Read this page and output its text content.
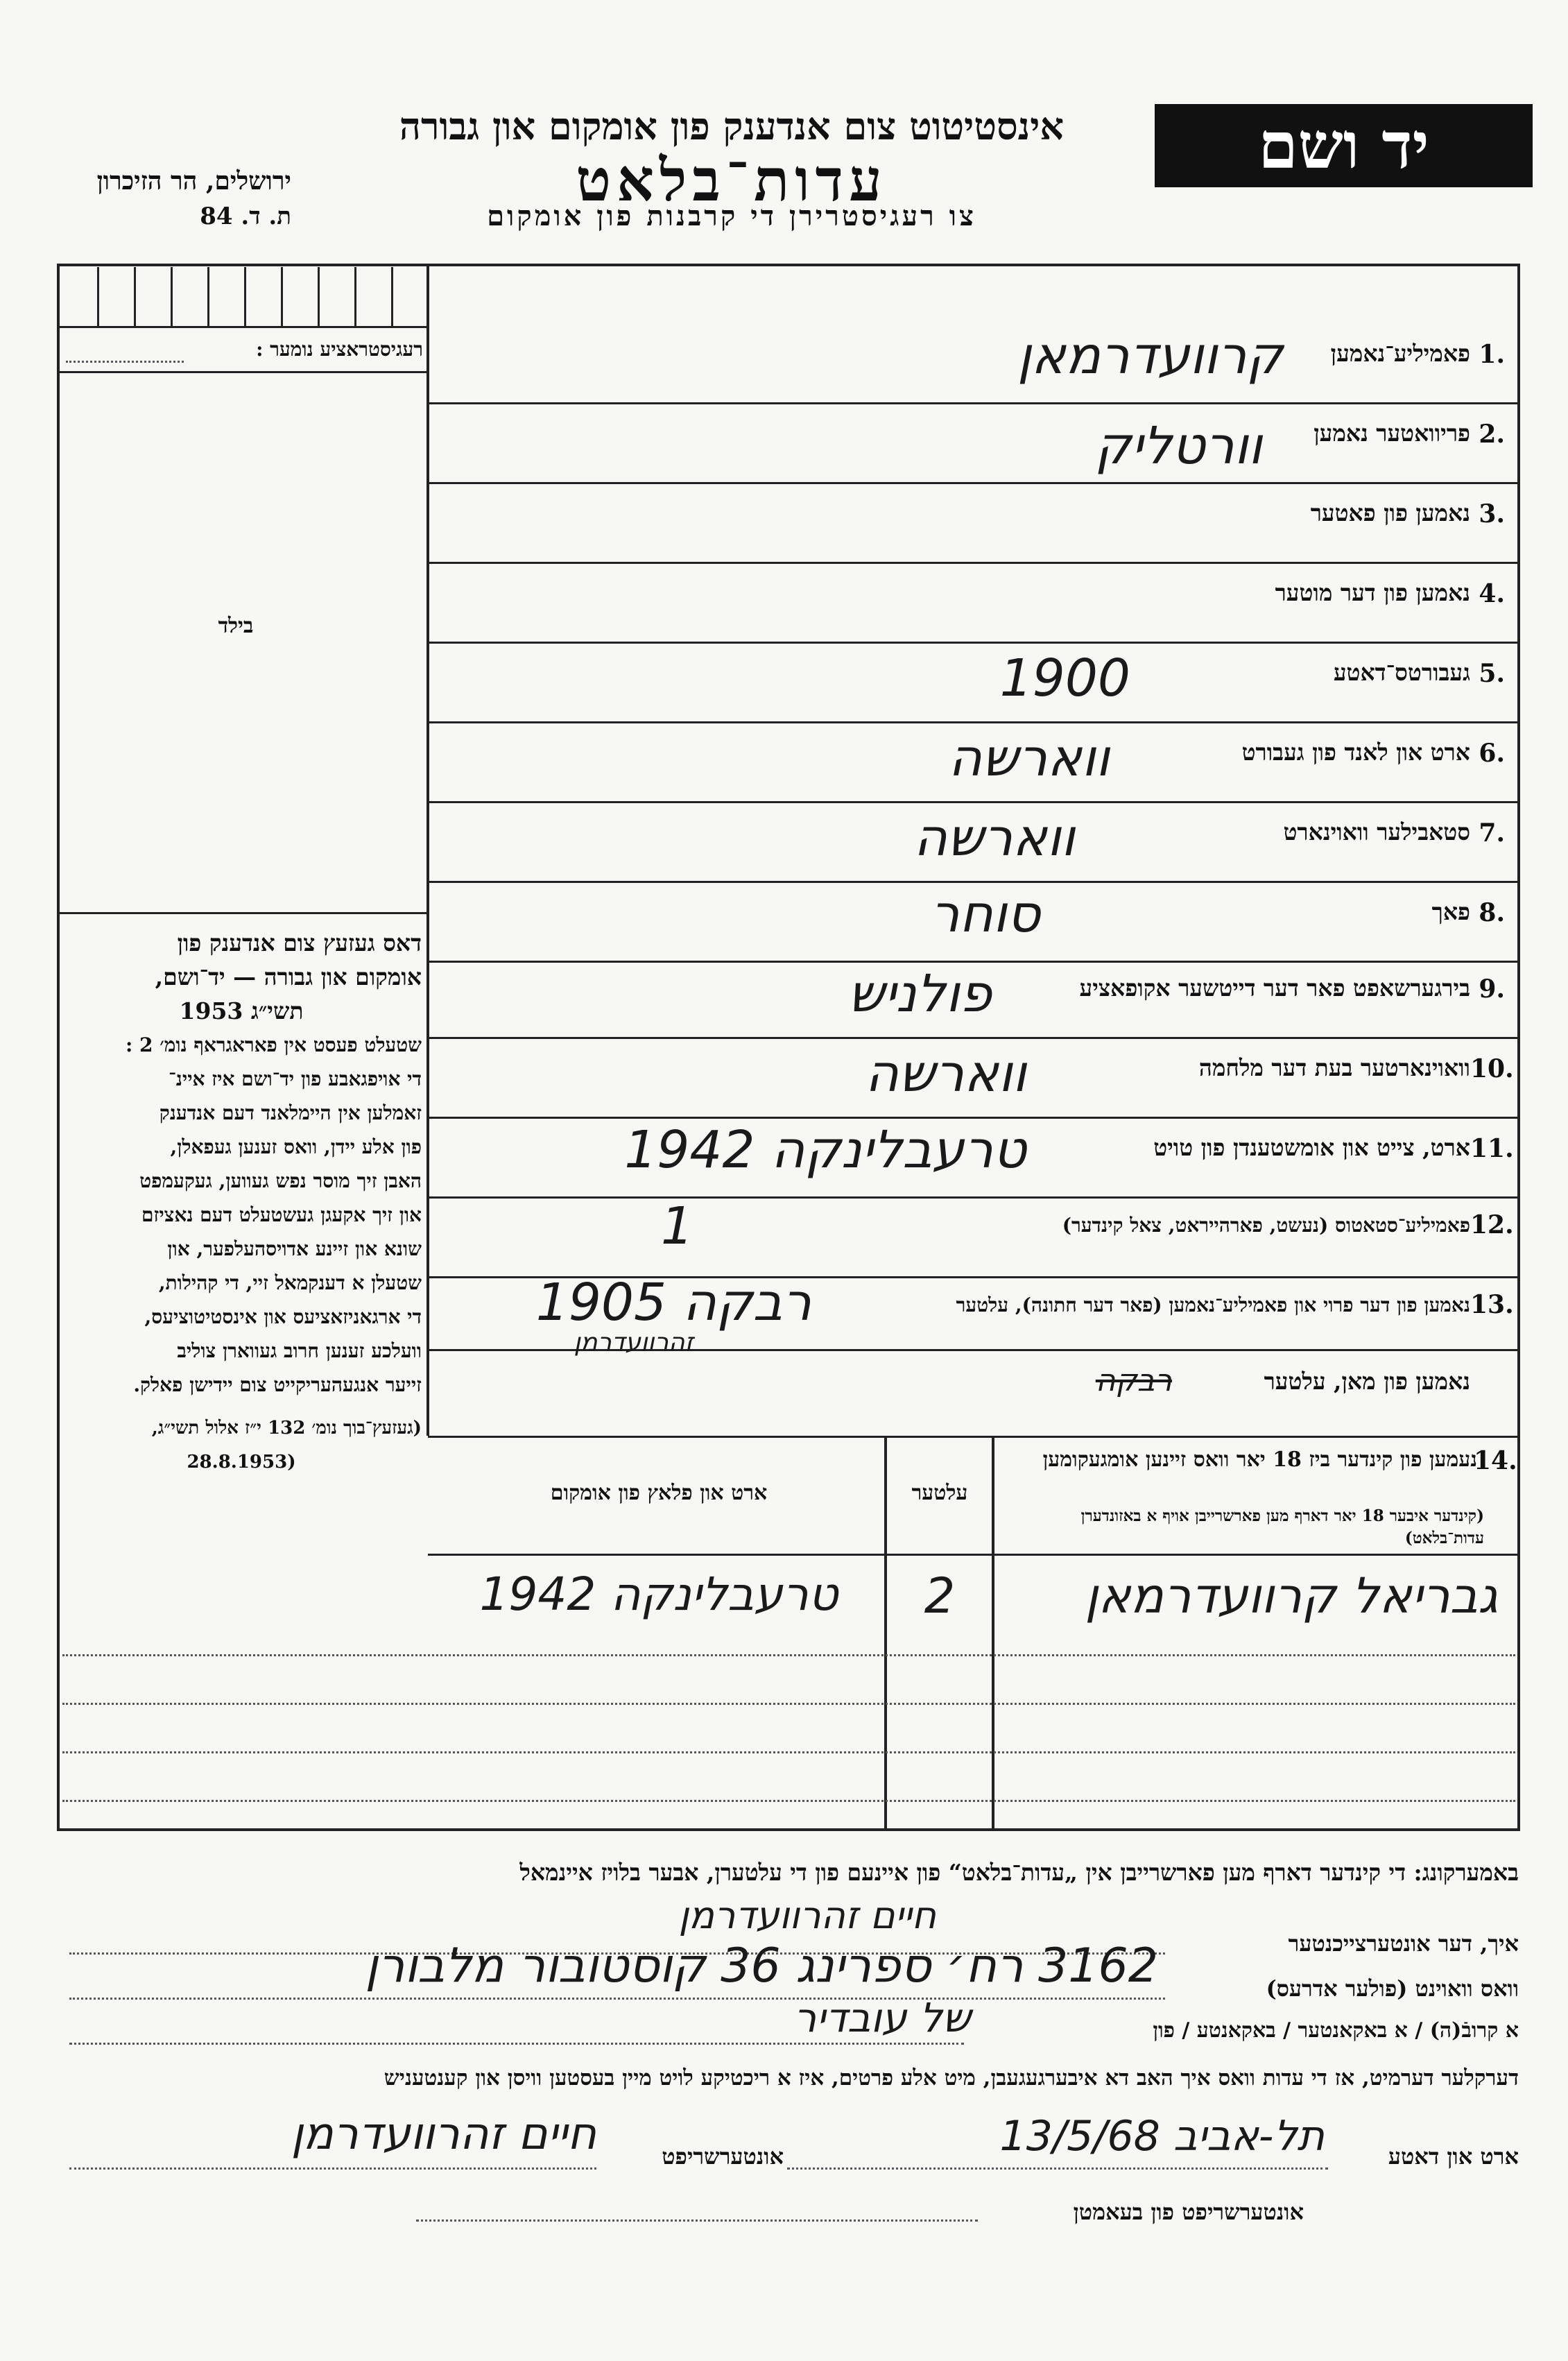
יד ושם
אינסטיטוט צום אנדענק פון אומקום און גבורה
עדות־בלאט
צו רעגיסטרירן די קרבנות פון אומקום
ירושלים, הר הזיכרון
ת. ד. 84
רעגיסטראציע נומער :
בילד
דאס געזעץ צום אנדענק פון
אומקום און גבורה — יד־ושם,
תשי״ג 1953
שטעלט פעסט אין פאראגראף נומ׳ 2 :
די אויפגאבע פון יד־ושם איז איינ־
זאמלען אין היימלאנד דעם אנדענק
פון אלע יידן, וואס זענען געפאלן,
האבן זיך מוסר נפש געווען, געקעמפט
און זיך אקעגן געשטעלט דעם נאציזם
שונא און זיינע אדויסהעלפער, און
שטעלן א דענקמאל זיי, די קהילות,
די ארגאניזאציעס און אינסטיטוציעס,
וועלכע זענען חרוב געווארן צוליב
זייער אנגעהעריקייט צום יידישן פאלק.
(געזעץ־בוך נומ׳ 132 י״ז אלול תשי״ג,
(28.8.1953
1.
פאמיליע־נאמען
קרוועדרמאן
2.
פריוואטער נאמען
וורטליק
3.
נאמען פון פאטער
4.
נאמען פון דער מוטער
5.
געבורטס־דאטע
1900
6.
ארט און לאנד פון געבורט
ווארשה
7.
סטאבילער וואוינארט
ווארשה
8.
פאך
סוחר
9.
בירגערשאפט פאר דער דייטשער אקופאציע
פולניש
10.
וואוינארטער בעת דער מלחמה
ווארשה
11.
ארט, צייט און אומשטענדן פון טויט
טרעבלינקה 1942
12.
פאמיליע־סטאטוס (נעשט, פארהייראט, צאל קינדער)
1
13.
נאמען פון דער פרוי און פאמיליע־נאמען (פאר דער חתונה), עלטער
רבקה 1905
זהרוועדרמן
נאמען פון מאן, עלטער
רבקה
14.
נעמען פון קינדער ביז 18 יאר וואס זיינען אומגעקומען
(קינדער איבער 18 יאר דארף מען פארשרייבן אויף א באזונדערן עדות־בלאט)
עלטער
ארט און פלאץ פון אומקום
גבריאל קרוועדרמאן
2
טרעבלינקה 1942
באמערקונג: די קינדער דארף מען פארשרייבן אין „עדות־בלאט“ פון איינעם פון די עלטערן, אבער בלויז איינמאל
איך, דער אונטערצייכנטער
חיים זהרוועדרמן
וואס וואוינט (פולער אדרעס)
3162 רח׳ ספרינג 36 קוסטובור מלבורן
א קרובֿ(ה) / א באקאנטער / באקאנטע / פון
של עובדיר
דערקלער דערמיט, אז די עדות וואס איך האב דא איבערגעגעבן, מיט אלע פרטים, איז א ריכטיקע לויט מיין בעסטען וויסן און קענטעניש
ארט און דאטע
תל-אביב 13/5/68
אונטערשריפט
חיים זהרוועדרמן
אונטערשריפט פון בעאמטן
